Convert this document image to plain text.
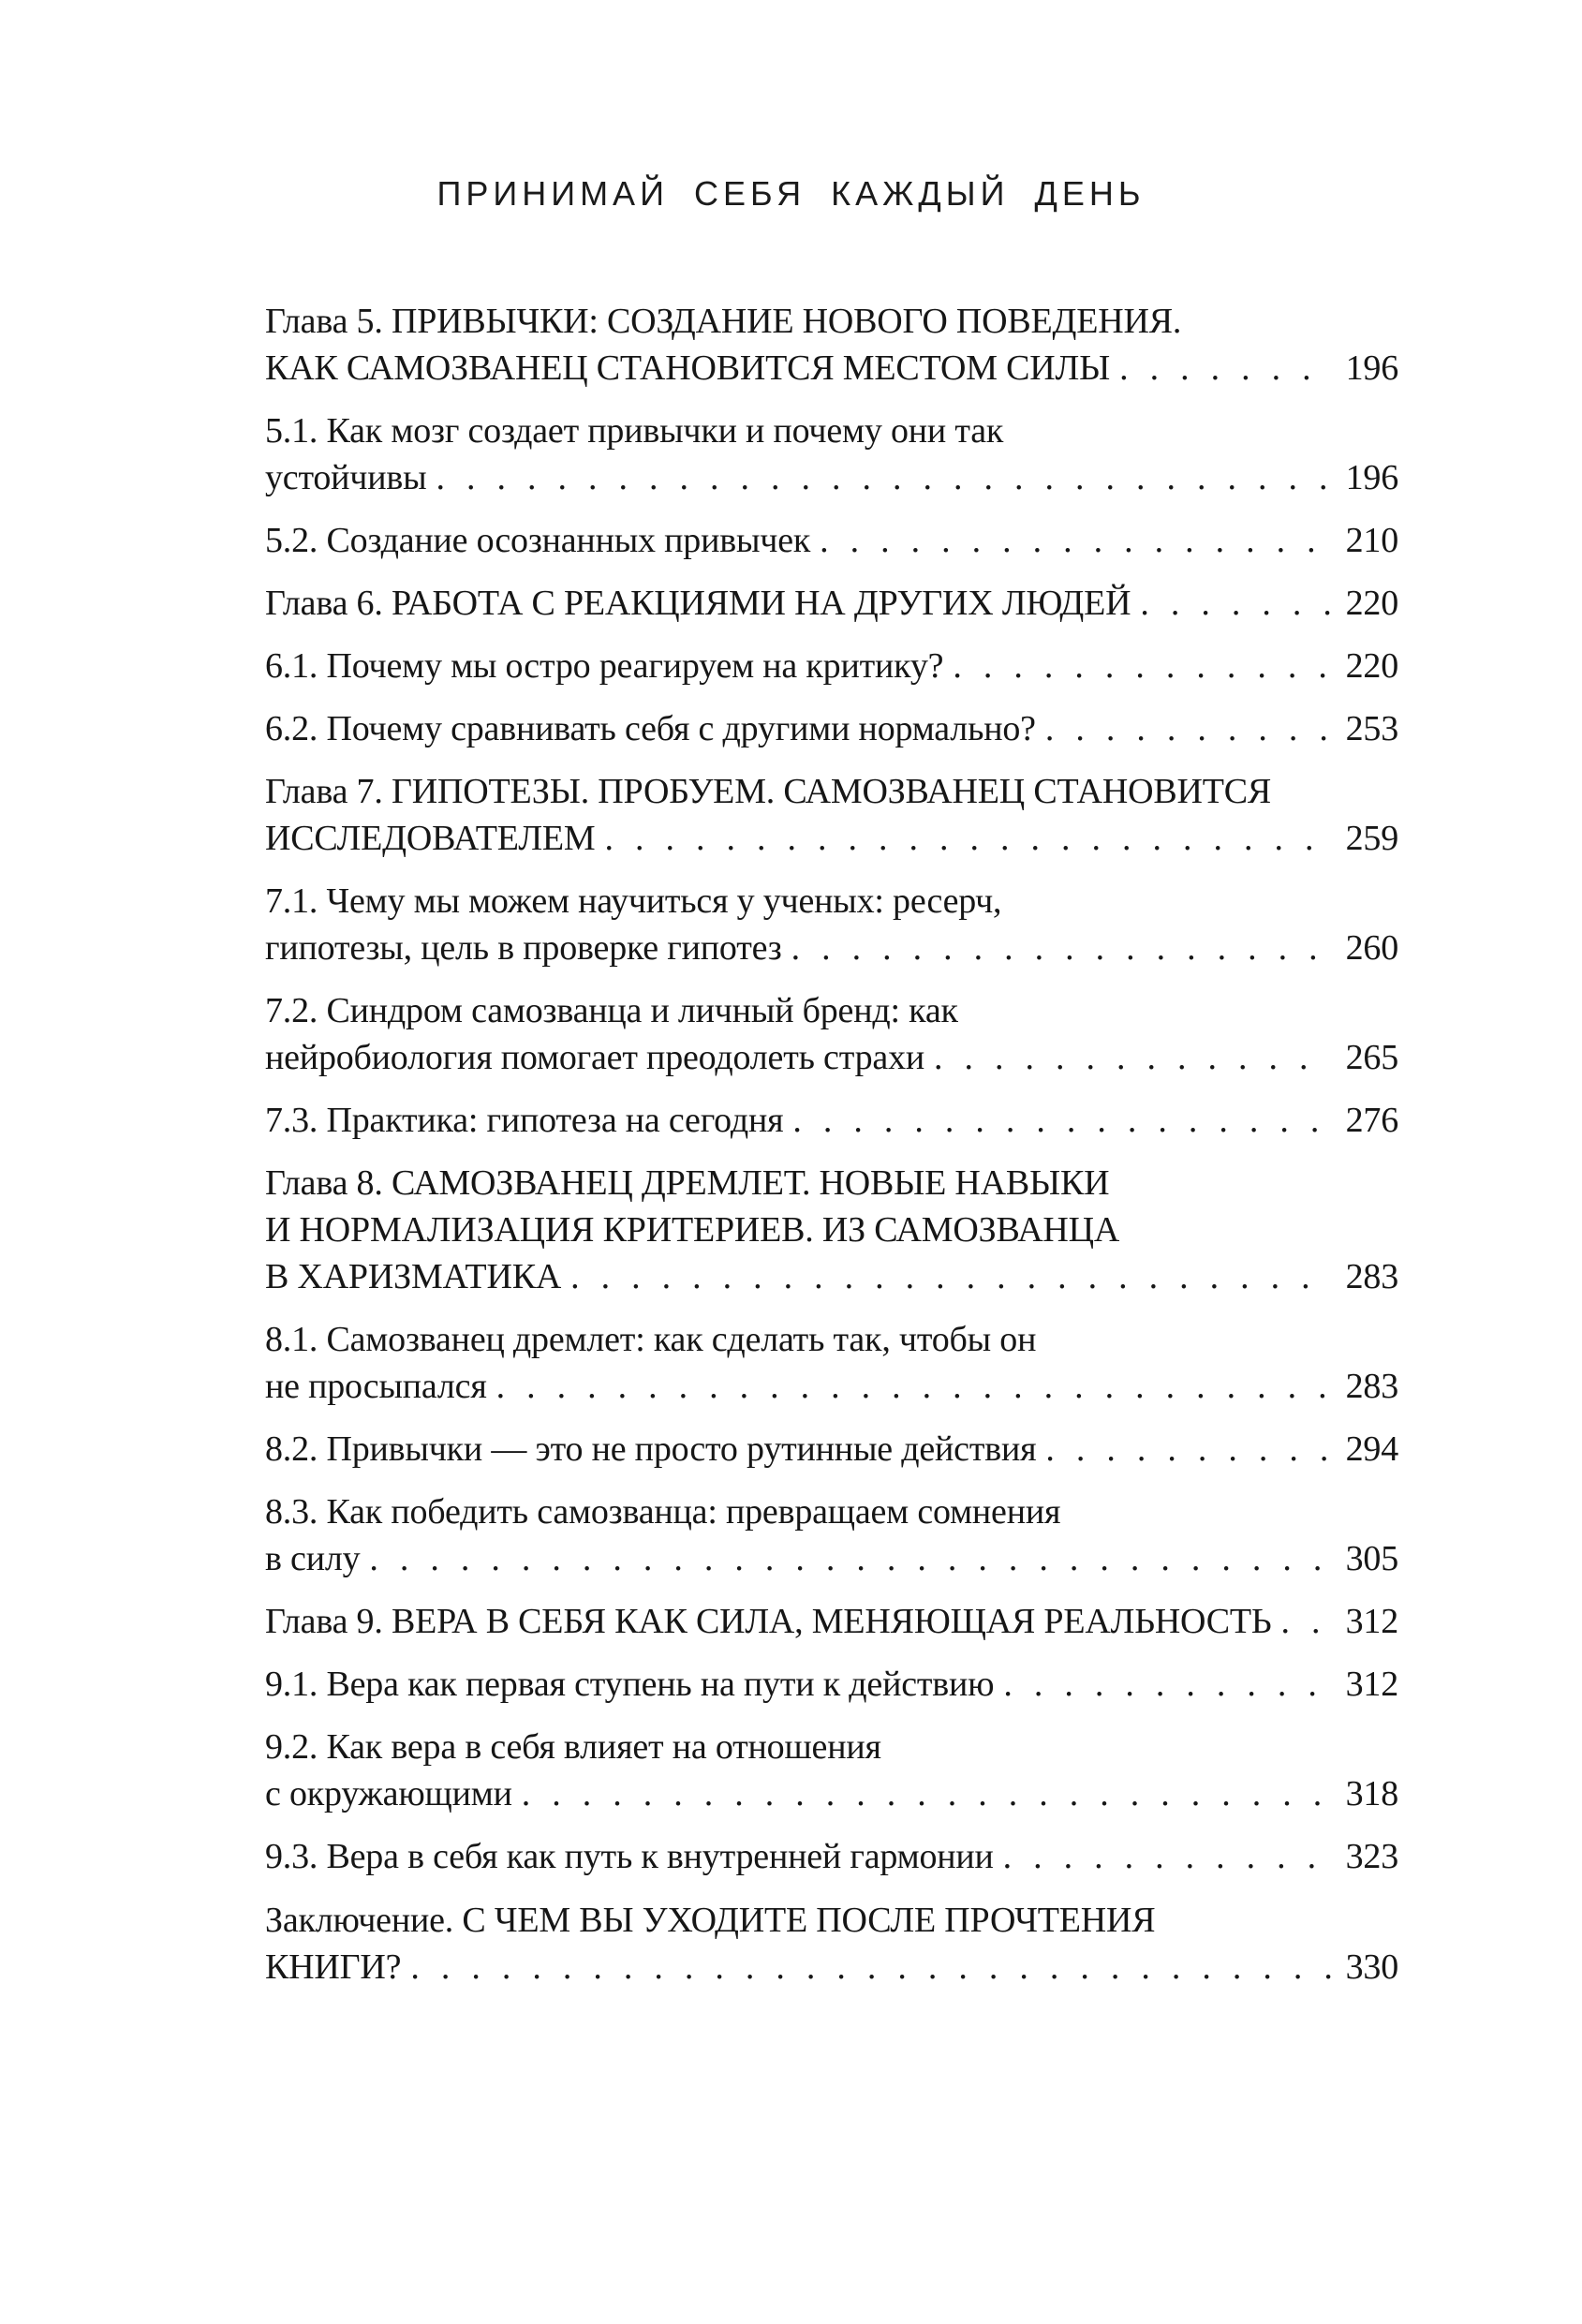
ПРИНИМАЙ СЕБЯ КАЖДЫЙ ДЕНЬ
Глава 5. ПРИВЫЧКИ: СОЗДАНИЕ НОВОГО ПОВЕДЕНИЯ.
КАК САМОЗВАНЕЦ СТАНОВИТСЯ МЕСТОМ СИЛЫ .....	196
5.1. Как мозг создает привычки и почему они так
устойчивы .....	196
5.2. Создание осознанных привычек .....	210
Глава 6. РАБОТА С РЕАКЦИЯМИ НА ДРУГИХ ЛЮДЕЙ .....	220
6.1. Почему мы остро реагируем на критику? .....	220
6.2. Почему сравнивать себя с другими нормально? .....	253
Глава 7. ГИПОТЕЗЫ. ПРОБУЕМ. САМОЗВАНЕЦ СТАНОВИТСЯ
ИССЛЕДОВАТЕЛЕМ .....	259
7.1. Чему мы можем научиться у ученых: ресерч,
гипотезы, цель в проверке гипотез .....	260
7.2. Синдром самозванца и личный бренд: как
нейробиология помогает преодолеть страхи .....	265
7.3. Практика: гипотеза на сегодня .....	276
Глава 8. САМОЗВАНЕЦ ДРЕМЛЕТ. НОВЫЕ НАВЫКИ
И НОРМАЛИЗАЦИЯ КРИТЕРИЕВ. ИЗ САМОЗВАНЦА
В ХАРИЗМАТИКА .....	283
8.1. Самозванец дремлет: как сделать так, чтобы он
не просыпался .....	283
8.2. Привычки — это не просто рутинные действия .....	294
8.3. Как победить самозванца: превращаем сомнения
в силу .....	305
Глава 9. ВЕРА В СЕБЯ КАК СИЛА, МЕНЯЮЩАЯ РЕАЛЬНОСТЬ ..... 312
9.1. Вера как первая ступень на пути к действию .....	312
9.2. Как вера в себя влияет на отношения
с окружающими .....	318
9.3. Вера в себя как путь к внутренней гармонии .....	323
Заключение. С ЧЕМ ВЫ УХОДИТЕ ПОСЛЕ ПРОЧТЕНИЯ
КНИГИ? .....	330
